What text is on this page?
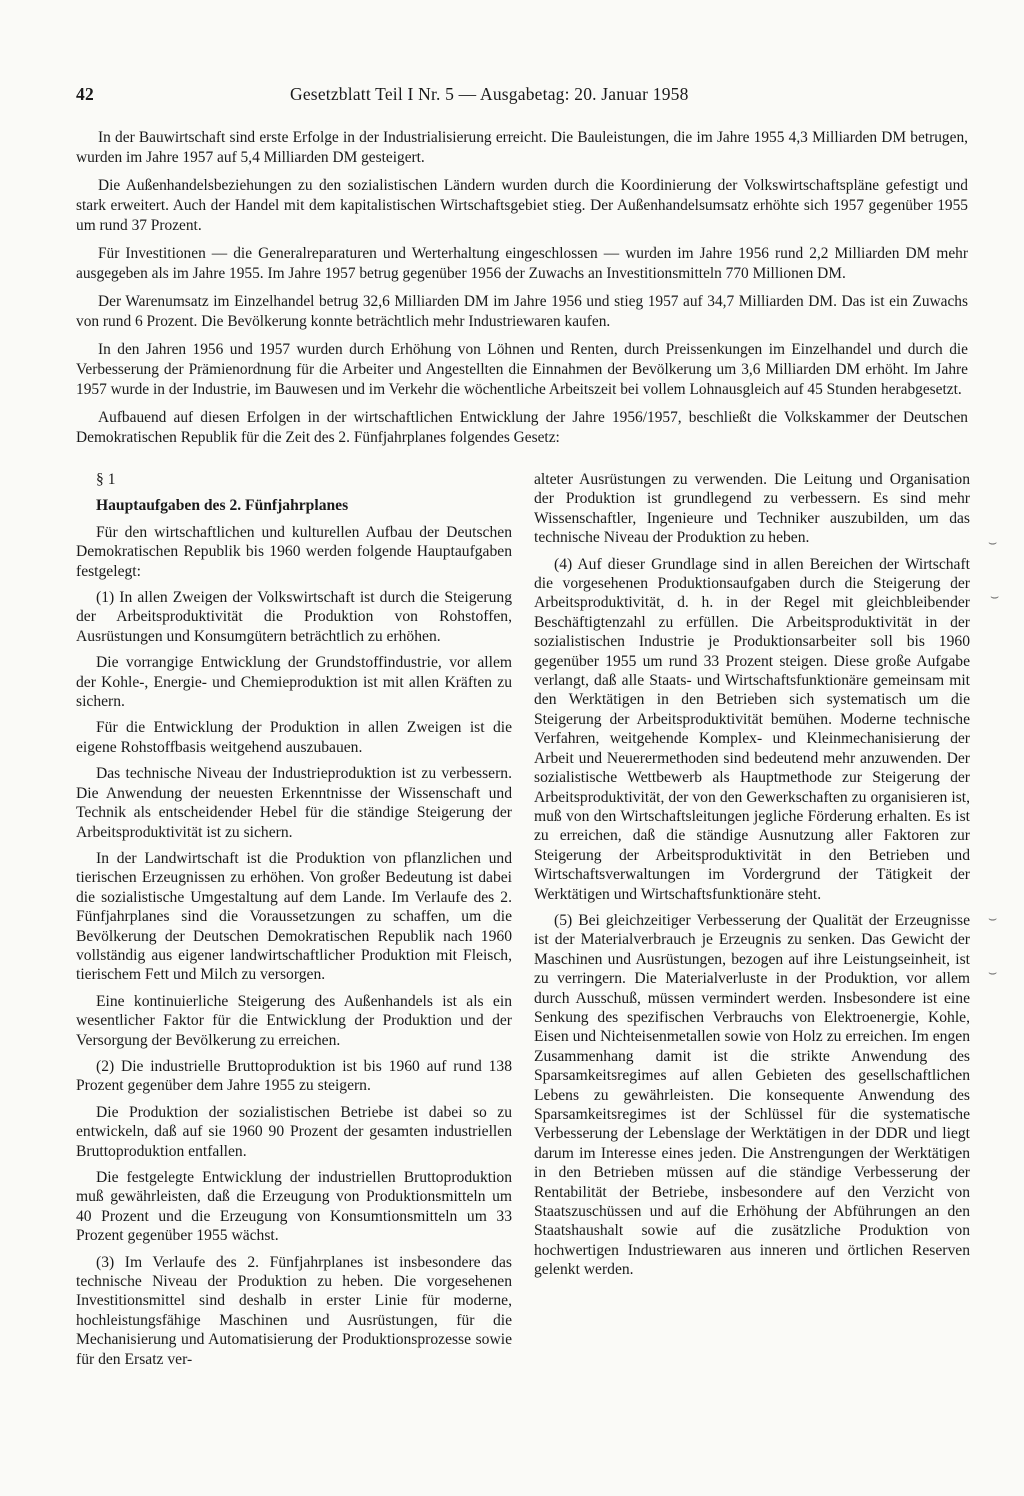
42	Gesetzblatt Teil I Nr. 5 — Ausgabetag: 20. Januar 1958

In der Bauwirtschaft sind erste Erfolge in der Industrialisierung erreicht. Die Bauleistungen, die im Jahre 1955 4,3 Milliarden DM betrugen, wurden im Jahre 1957 auf 5,4 Milliarden DM gesteigert.

Die Außenhandelsbeziehungen zu den sozialistischen Ländern wurden durch die Koordinierung der Volkswirtschaftspläne gefestigt und stark erweitert. Auch der Handel mit dem kapitalistischen Wirtschaftsgebiet stieg. Der Außenhandelsumsatz erhöhte sich 1957 gegenüber 1955 um rund 37 Prozent.

Für Investitionen — die Generalreparaturen und Werterhaltung eingeschlossen — wurden im Jahre 1956 rund 2,2 Milliarden DM mehr ausgegeben als im Jahre 1955. Im Jahre 1957 betrug gegenüber 1956 der Zuwachs an Investitionsmitteln 770 Millionen DM.

Der Warenumsatz im Einzelhandel betrug 32,6 Milliarden DM im Jahre 1956 und stieg 1957 auf 34,7 Milliarden DM. Das ist ein Zuwachs von rund 6 Prozent. Die Bevölkerung konnte beträchtlich mehr Industriewaren kaufen.

In den Jahren 1956 und 1957 wurden durch Erhöhung von Löhnen und Renten, durch Preissenkungen im Einzelhandel und durch die Verbesserung der Prämienordnung für die Arbeiter und Angestellten die Einnahmen der Bevölkerung um 3,6 Milliarden DM erhöht. Im Jahre 1957 wurde in der Industrie, im Bauwesen und im Verkehr die wöchentliche Arbeitszeit bei vollem Lohnausgleich auf 45 Stunden herabgesetzt.

Aufbauend auf diesen Erfolgen in der wirtschaftlichen Entwicklung der Jahre 1956/1957, beschließt die Volkskammer der Deutschen Demokratischen Republik für die Zeit des 2. Fünfjahrplanes folgendes Gesetz:

§ 1

Hauptaufgaben des 2. Fünfjahrplanes

Für den wirtschaftlichen und kulturellen Aufbau der Deutschen Demokratischen Republik bis 1960 werden folgende Hauptaufgaben festgelegt:

(1) In allen Zweigen der Volkswirtschaft ist durch die Steigerung der Arbeitsproduktivität die Produktion von Rohstoffen, Ausrüstungen und Konsumgütern beträchtlich zu erhöhen.

Die vorrangige Entwicklung der Grundstoffindustrie, vor allem der Kohle-, Energie- und Chemieproduktion ist mit allen Kräften zu sichern.

Für die Entwicklung der Produktion in allen Zweigen ist die eigene Rohstoffbasis weitgehend auszubauen.

Das technische Niveau der Industrieproduktion ist zu verbessern. Die Anwendung der neuesten Erkenntnisse der Wissenschaft und Technik als entscheidender Hebel für die ständige Steigerung der Arbeitsproduktivität ist zu sichern.

In der Landwirtschaft ist die Produktion von pflanzlichen und tierischen Erzeugnissen zu erhöhen. Von großer Bedeutung ist dabei die sozialistische Umgestaltung auf dem Lande. Im Verlaufe des 2. Fünfjahrplanes sind die Voraussetzungen zu schaffen, um die Bevölkerung der Deutschen Demokratischen Republik nach 1960 vollständig aus eigener landwirtschaftlicher Produktion mit Fleisch, tierischem Fett und Milch zu versorgen.

Eine kontinuierliche Steigerung des Außenhandels ist als ein wesentlicher Faktor für die Entwicklung der Produktion und der Versorgung der Bevölkerung zu erreichen.

(2) Die industrielle Bruttoproduktion ist bis 1960 auf rund 138 Prozent gegenüber dem Jahre 1955 zu steigern.

Die Produktion der sozialistischen Betriebe ist dabei so zu entwickeln, daß auf sie 1960 90 Prozent der gesamten industriellen Bruttoproduktion entfallen.

Die festgelegte Entwicklung der industriellen Bruttoproduktion muß gewährleisten, daß die Erzeugung von Produktionsmitteln um 40 Prozent und die Erzeugung von Konsumtionsmitteln um 33 Prozent gegenüber 1955 wächst.

(3) Im Verlaufe des 2. Fünfjahrplanes ist insbesondere das technische Niveau der Produktion zu heben. Die vorgesehenen Investitionsmittel sind deshalb in erster Linie für moderne, hochleistungsfähige Maschinen und Ausrüstungen, für die Mechanisierung und Automatisierung der Produktionsprozesse sowie für den Ersatz ver-

alteter Ausrüstungen zu verwenden. Die Leitung und Organisation der Produktion ist grundlegend zu verbessern. Es sind mehr Wissenschaftler, Ingenieure und Techniker auszubilden, um das technische Niveau der Produktion zu heben.

(4) Auf dieser Grundlage sind in allen Bereichen der Wirtschaft die vorgesehenen Produktionsaufgaben durch die Steigerung der Arbeitsproduktivität, d. h. in der Regel mit gleichbleibender Beschäftigtenzahl zu erfüllen. Die Arbeitsproduktivität in der sozialistischen Industrie je Produktionsarbeiter soll bis 1960 gegenüber 1955 um rund 33 Prozent steigen. Diese große Aufgabe verlangt, daß alle Staats- und Wirtschaftsfunktionäre gemeinsam mit den Werktätigen in den Betrieben sich systematisch um die Steigerung der Arbeitsproduktivität bemühen. Moderne technische Verfahren, weitgehende Komplex- und Kleinmechanisierung der Arbeit und Neuerermethoden sind bedeutend mehr anzuwenden. Der sozialistische Wettbewerb als Hauptmethode zur Steigerung der Arbeitsproduktivität, der von den Gewerkschaften zu organisieren ist, muß von den Wirtschaftsleitungen jegliche Förderung erhalten. Es ist zu erreichen, daß die ständige Ausnutzung aller Faktoren zur Steigerung der Arbeitsproduktivität in den Betrieben und Wirtschaftsverwaltungen im Vordergrund der Tätigkeit der Werktätigen und Wirtschaftsfunktionäre steht.

(5) Bei gleichzeitiger Verbesserung der Qualität der Erzeugnisse ist der Materialverbrauch je Erzeugnis zu senken. Das Gewicht der Maschinen und Ausrüstungen, bezogen auf ihre Leistungseinheit, ist zu verringern. Die Materialverluste in der Produktion, vor allem durch Ausschuß, müssen vermindert werden. Insbesondere ist eine Senkung des spezifischen Verbrauchs von Elektroenergie, Kohle, Eisen und Nichteisenmetallen sowie von Holz zu erreichen. Im engen Zusammenhang damit ist die strikte Anwendung des Sparsamkeitsregimes auf allen Gebieten des gesellschaftlichen Lebens zu gewährleisten. Die konsequente Anwendung des Sparsamkeitsregimes ist der Schlüssel für die systematische Verbesserung der Lebenslage der Werktätigen in der DDR und liegt darum im Interesse eines jeden. Die Anstrengungen der Werktätigen in den Betrieben müssen auf die ständige Verbesserung der Rentabilität der Betriebe, insbesondere auf den Verzicht von Staatszuschüssen und auf die Erhöhung der Abführungen an den Staatshaushalt sowie auf die zusätzliche Produktion von hochwertigen Industriewaren aus inneren und örtlichen Reserven gelenkt werden.

⌣
⌣
⌣
⌣
